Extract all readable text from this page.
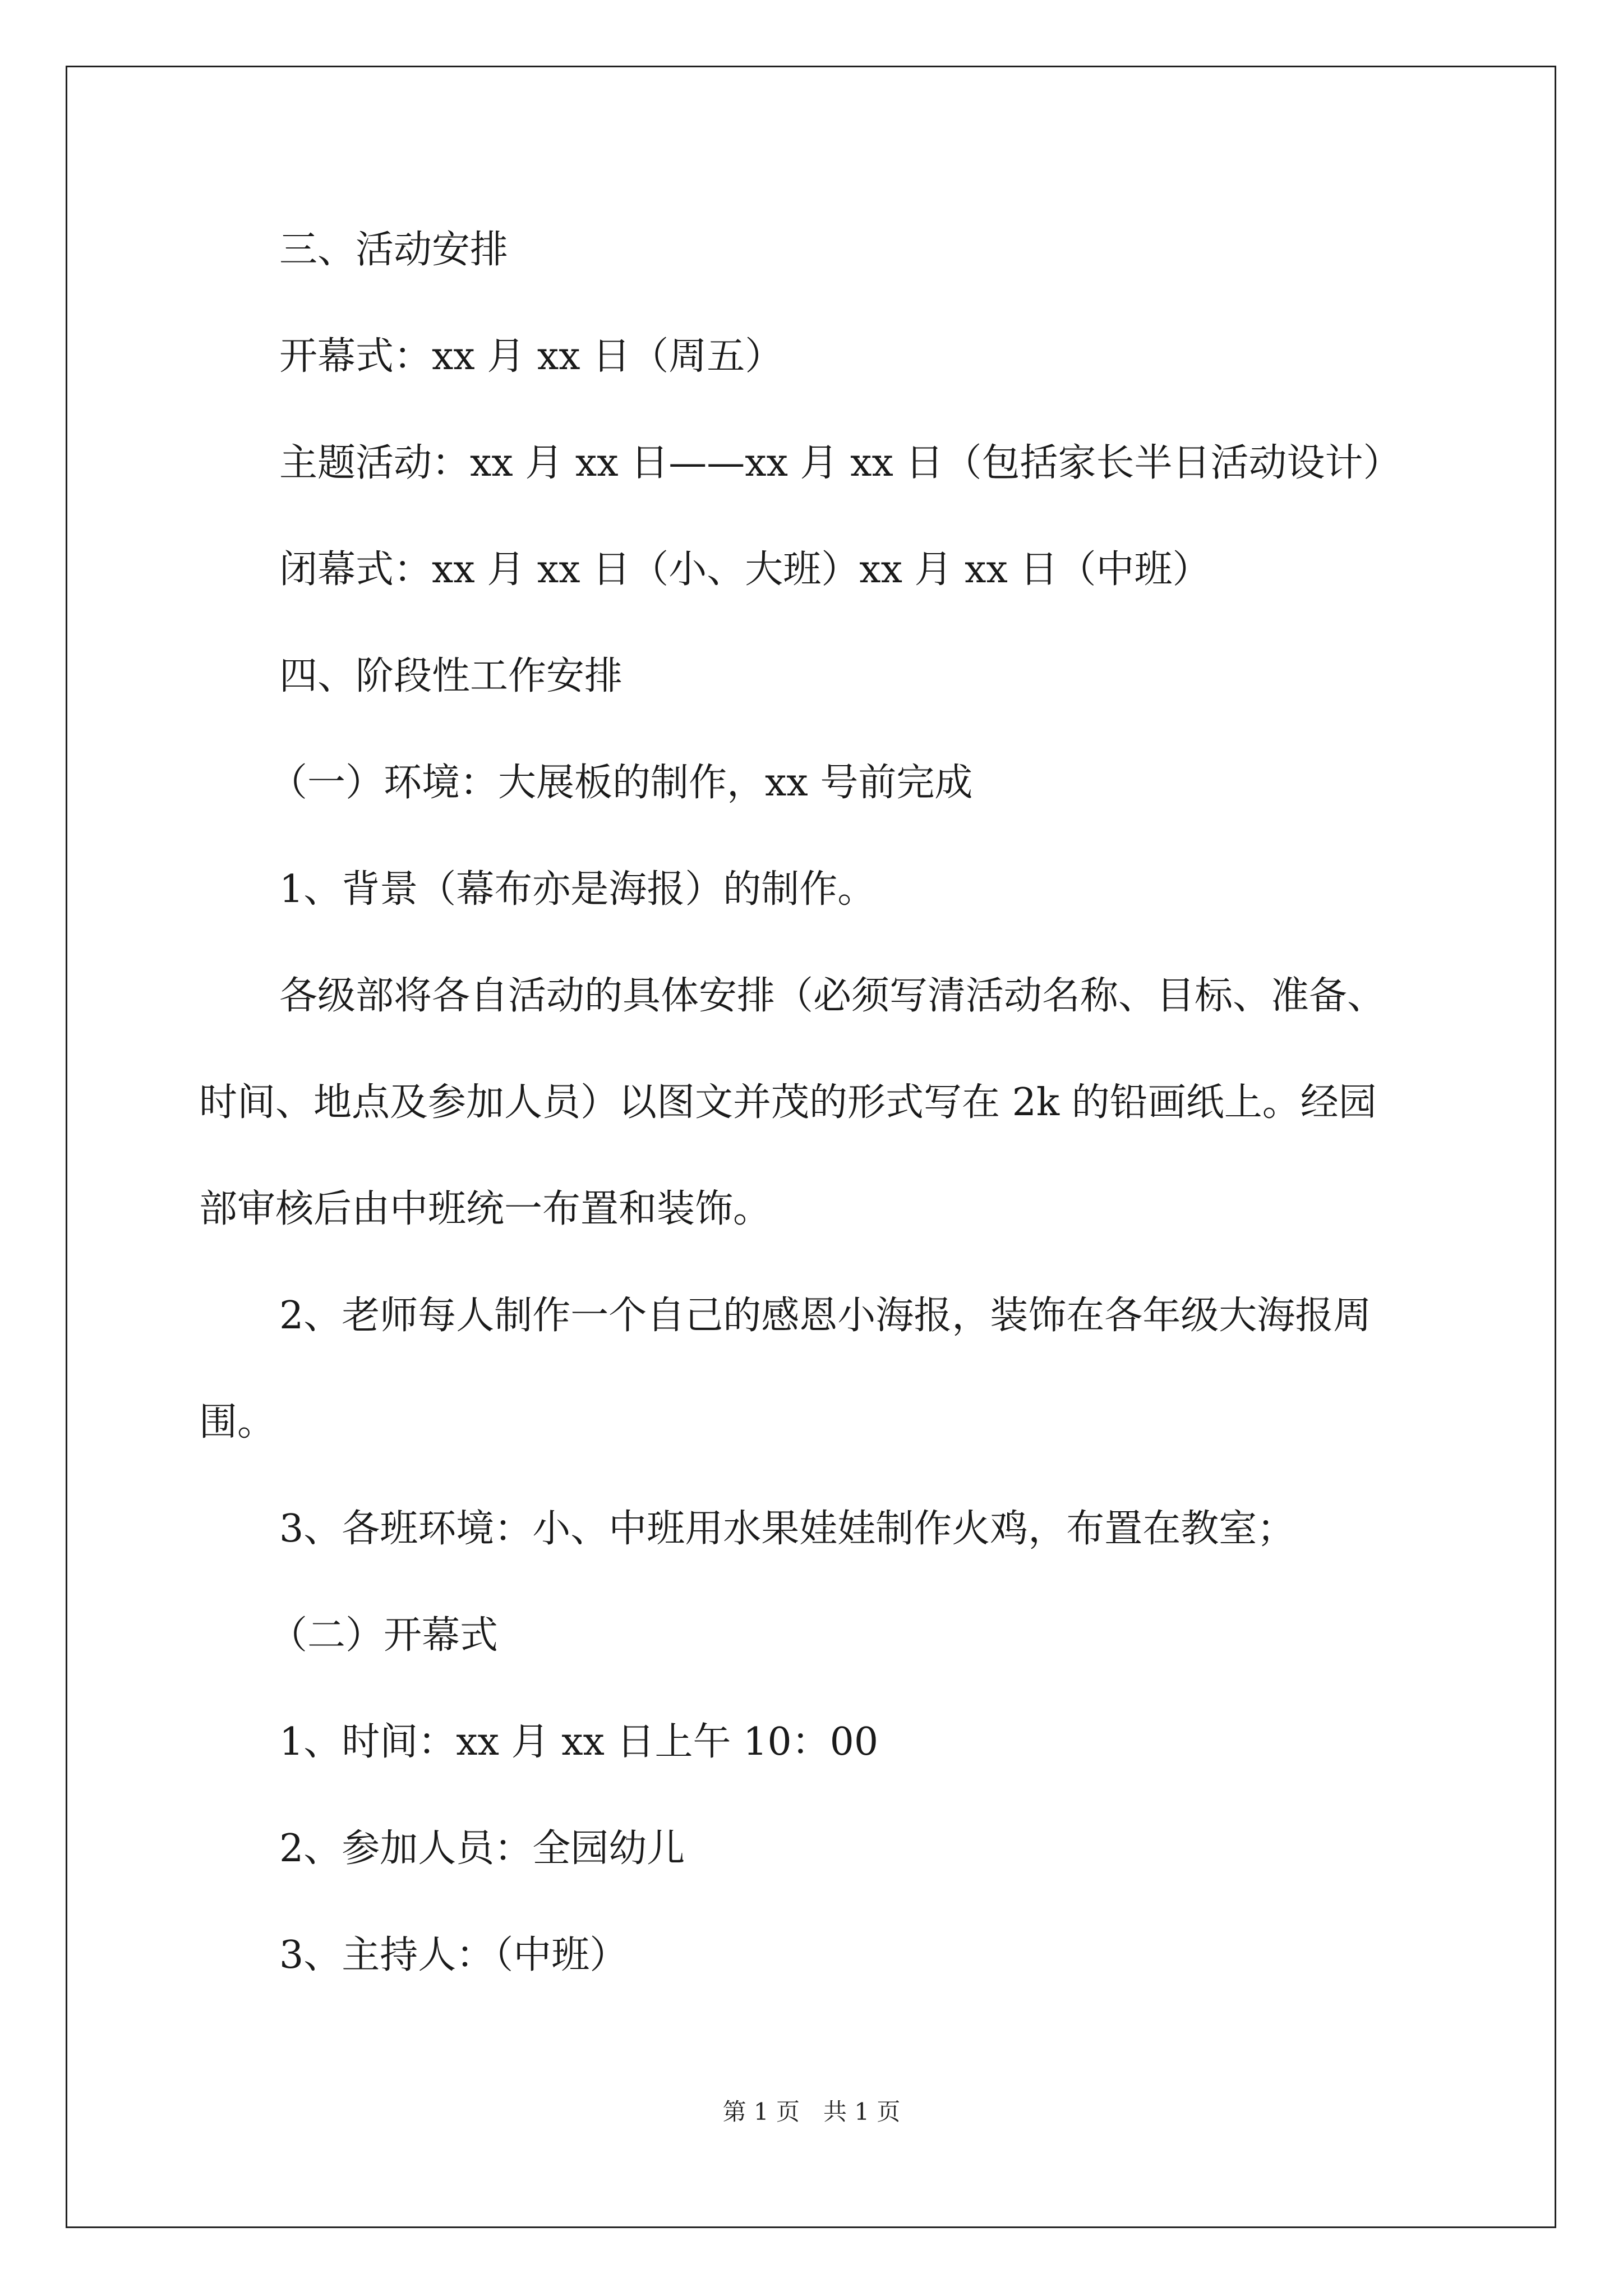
三、活动安排
开幕式：xx 月 xx 日（周五）
主题活动：xx 月 xx 日——xx 月 xx 日（包括家长半日活动设计）
闭幕式：xx 月 xx 日（小、大班）xx 月 xx 日（中班）
四、阶段性工作安排
（一）环境：大展板的制作，xx 号前完成
1、背景（幕布亦是海报）的制作。
各级部将各自活动的具体安排（必须写清活动名称、目标、准备、
时间、地点及参加人员）以图文并茂的形式写在 2k 的铅画纸上。经园
部审核后由中班统一布置和装饰。
2、老师每人制作一个自己的感恩小海报，装饰在各年级大海报周
围。
3、各班环境：小、中班用水果娃娃制作火鸡，布置在教室；
（二）开幕式
1、时间：xx 月 xx 日上午 10：00
2、参加人员：全园幼儿
3、主持人：（中班）
第 1 页　共 1 页
